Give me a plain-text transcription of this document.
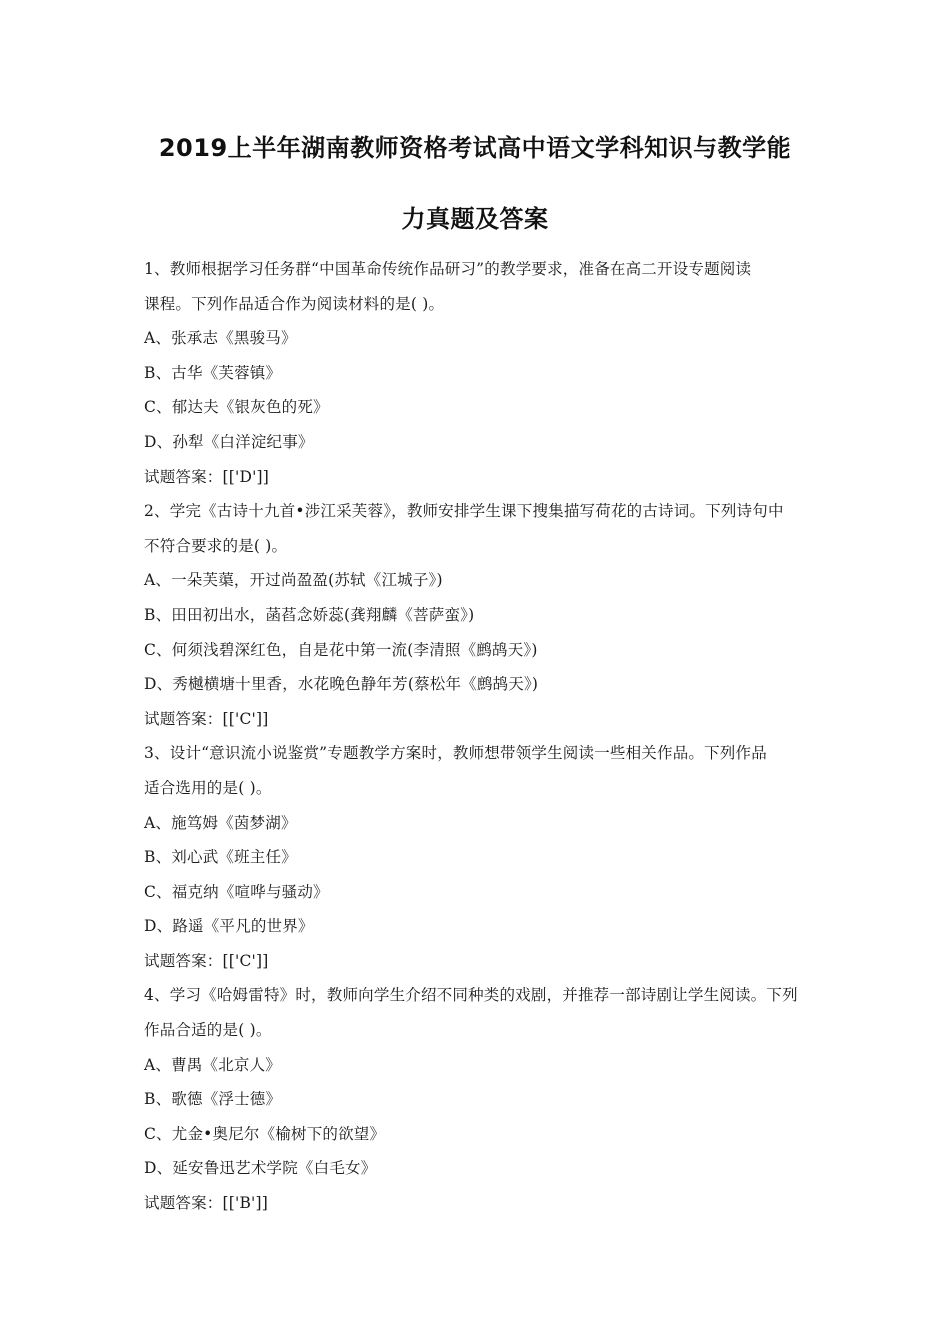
2019上半年湖南教师资格考试高中语文学科知识与教学能
力真题及答案
1、教师根据学习任务群“中国革命传统作品研习”的教学要求，准备在高二开设专题阅读
课程。下列作品适合作为阅读材料的是( )。
A、张承志《黑骏马》
B、古华《芙蓉镇》
C、郁达夫《银灰色的死》
D、孙犁《白洋淀纪事》
试题答案：[['D']]
2、学完《古诗十九首•涉江采芙蓉》，教师安排学生课下搜集描写荷花的古诗词。下列诗句中
不符合要求的是( )。
A、一朵芙蕖，开过尚盈盈(苏轼《江城子》)
B、田田初出水，菡萏念娇蕊(龚翔麟《菩萨蛮》)
C、何须浅碧深红色，自是花中第一流(李清照《鹧鸪天》)
D、秀樾横塘十里香，水花晚色静年芳(蔡松年《鹧鸪天》)
试题答案：[['C']]
3、设计“意识流小说鉴赏”专题教学方案时，教师想带领学生阅读一些相关作品。下列作品
适合选用的是( )。
A、施笃姆《茵梦湖》
B、刘心武《班主任》
C、福克纳《喧哗与骚动》
D、路遥《平凡的世界》
试题答案：[['C']]
4、学习《哈姆雷特》时，教师向学生介绍不同种类的戏剧，并推荐一部诗剧让学生阅读。下列
作品合适的是( )。
A、曹禺《北京人》
B、歌德《浮士德》
C、尤金•奥尼尔《榆树下的欲望》
D、延安鲁迅艺术学院《白毛女》
试题答案：[['B']]
